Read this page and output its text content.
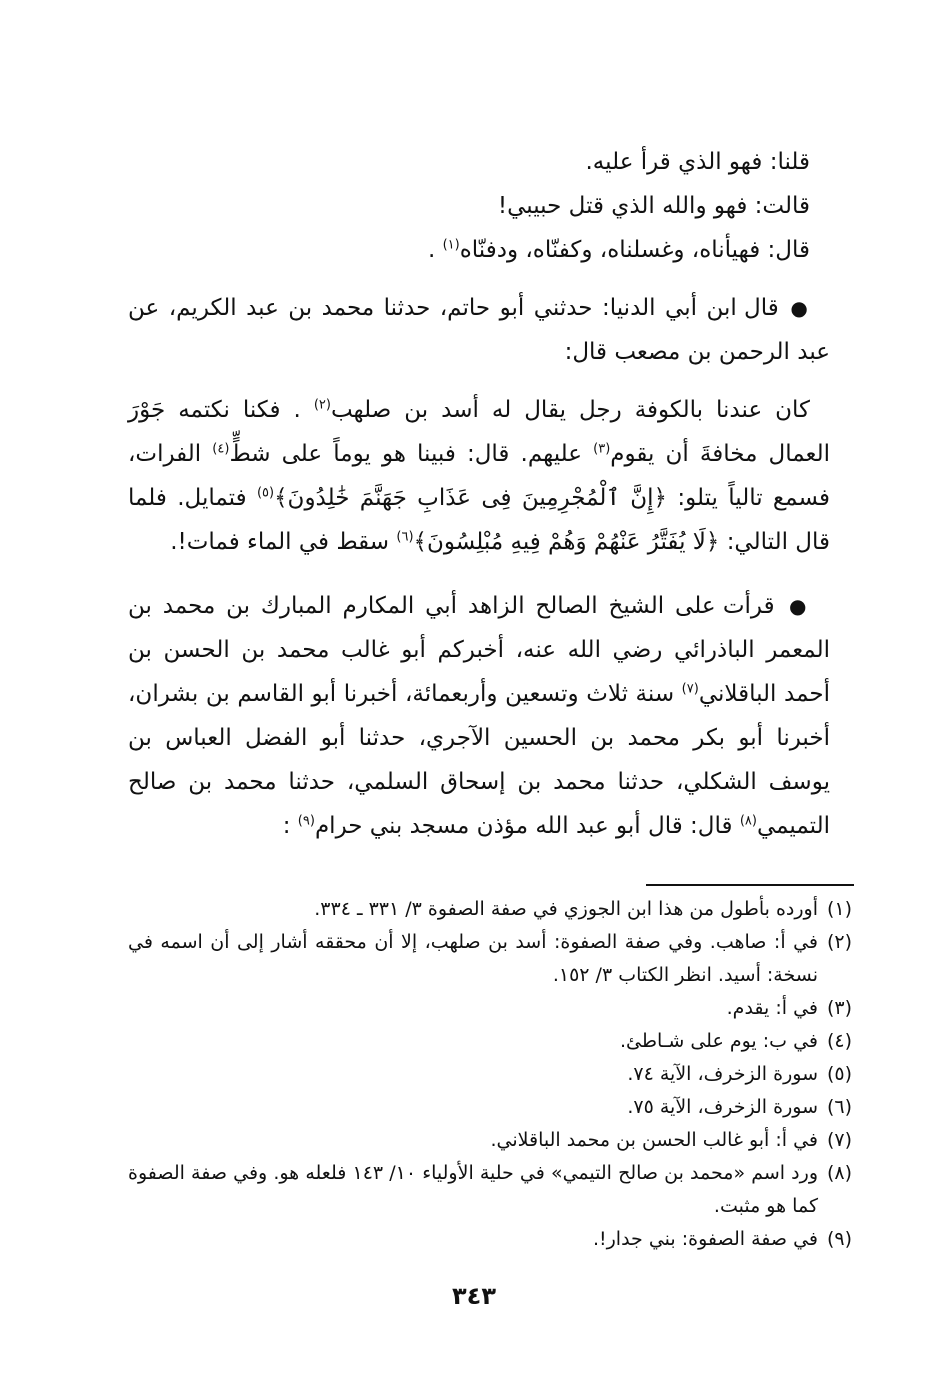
قلنا: فهو الذي قرأ عليه.

قالت: فهو والله الذي قتل حبيبي!

قال: فهيأناه، وغسلناه، وكفنّاه، ودفنّاه$^{(١)}$ .

● قال ابن أبي الدنيا: حدثني أبو حاتم، حدثنا محمد بن عبد الكريم، عن عبد الرحمن بن مصعب قال:

كان عندنا بالكوفة رجل يقال له أسد بن صلهب$^{(٢)}$ . فكنا نكتمه جَوْرَ العمال مخافةَ أن يقوم$^{(٣)}$ عليهم. قال: فبينا هو يوماً على شطٍّ$^{(٤)}$ الفرات، فسمع تالياً يتلو: ﴿إِنَّ ٱلْمُجْرِمِينَ فِى عَذَابِ جَهَنَّمَ خَٰلِدُونَ﴾$^{(٥)}$ فتمايل. فلما قال التالي: ﴿لَا يُفَتَّرُ عَنْهُمْ وَهُمْ فِيهِ مُبْلِسُونَ﴾$^{(٦)}$ سقط في الماء فمات!.

● قرأت على الشيخ الصالح الزاهد أبي المكارم المبارك بن محمد بن المعمر الباذرائي رضي الله عنه، أخبركم أبو غالب محمد بن الحسن بن أحمد الباقلاني$^{(٧)}$ سنة ثلاث وتسعين وأربعمائة، أخبرنا أبو القاسم بن بشران، أخبرنا أبو بكر محمد بن الحسين الآجري، حدثنا أبو الفضل العباس بن يوسف الشكلي، حدثنا محمد بن إسحاق السلمي، حدثنا محمد بن صالح التميمي$^{(٨)}$ قال: قال أبو عبد الله مؤذن مسجد بني حرام$^{(٩)}$ :

(١)
أورده بأطول من هذا ابن الجوزي في صفة الصفوة ٣/ ٣٣١ ـ ٣٣٤.
(٢)
في أ: صاهب. وفي صفة الصفوة: أسد بن صلهب، إلا أن محققه أشار إلى أن اسمه في نسخة: أسيد. انظر الكتاب ٣/ ١٥٢.
(٣)
في أ: يقدم.
(٤)
في ب: يوم على شـاطئ.
(٥)
سورة الزخرف، الآية ٧٤.
(٦)
سورة الزخرف، الآية ٧٥.
(٧)
في أ: أبو غالب الحسن بن محمد الباقلاني.
(٨)
ورد اسم «محمد بن صالح التيمي» في حلية الأولياء ١٠/ ١٤٣ فلعله هو. وفي صفة الصفوة كما هو مثبت.
(٩)
في صفة الصفوة: بني جدار!.
٣٤٣
